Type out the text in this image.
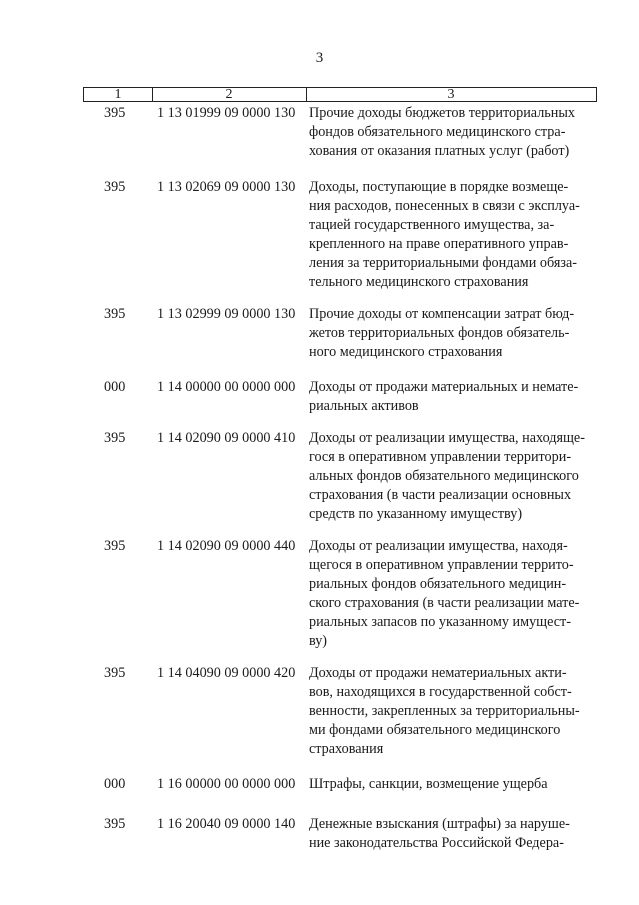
3
1	2	3
395	1 13 01999 09 0000 130 Прочие доходы бюджетов территориальных
фондов обязательного медицинского стра-
хования от оказания платных услуг (работ)
395	1 13 02069 09 0000 130 Доходы, поступающие в порядке возмеще-
ния расходов, понесенных в связи с эксплуа-
тацией государственного имущества, за-
крепленного на праве оперативного управ-
ления за территориальными фондами обяза-
тельного медицинского страхования
395	1 13 02999 09 0000 130 Прочие доходы от компенсации затрат бюд-
жетов территориальных фондов обязатель-
ного медицинского страхования
000	1 14 00000 00 0000 000 Доходы от продажи материальных и немате-
риальных активов
395	1 14 02090 09 0000 410 Доходы от реализации имущества, находяще-
гося в оперативном управлении территори-
альных фондов обязательного медицинского
страхования (в части реализации основных
средств по указанному имуществу)
395	1 14 02090 09 0000 440 Доходы от реализации имущества, находя-
щегося в оперативном управлении террито-
риальных фондов обязательного медицин-
ского страхования (в части реализации мате-
риальных запасов по указанному имущест-
ву)
395	1 14 04090 09 0000 420 Доходы от продажи нематериальных акти-
вов, находящихся в государственной собст-
венности, закрепленных за территориальны-
ми фондами обязательного медицинского
страхования
000	1 16 00000 00 0000 000 Штрафы, санкции, возмещение ущерба
395	1 16 20040 09 0000 140 Денежные взыскания (штрафы) за наруше-
ние законодательства Российской Федера-
